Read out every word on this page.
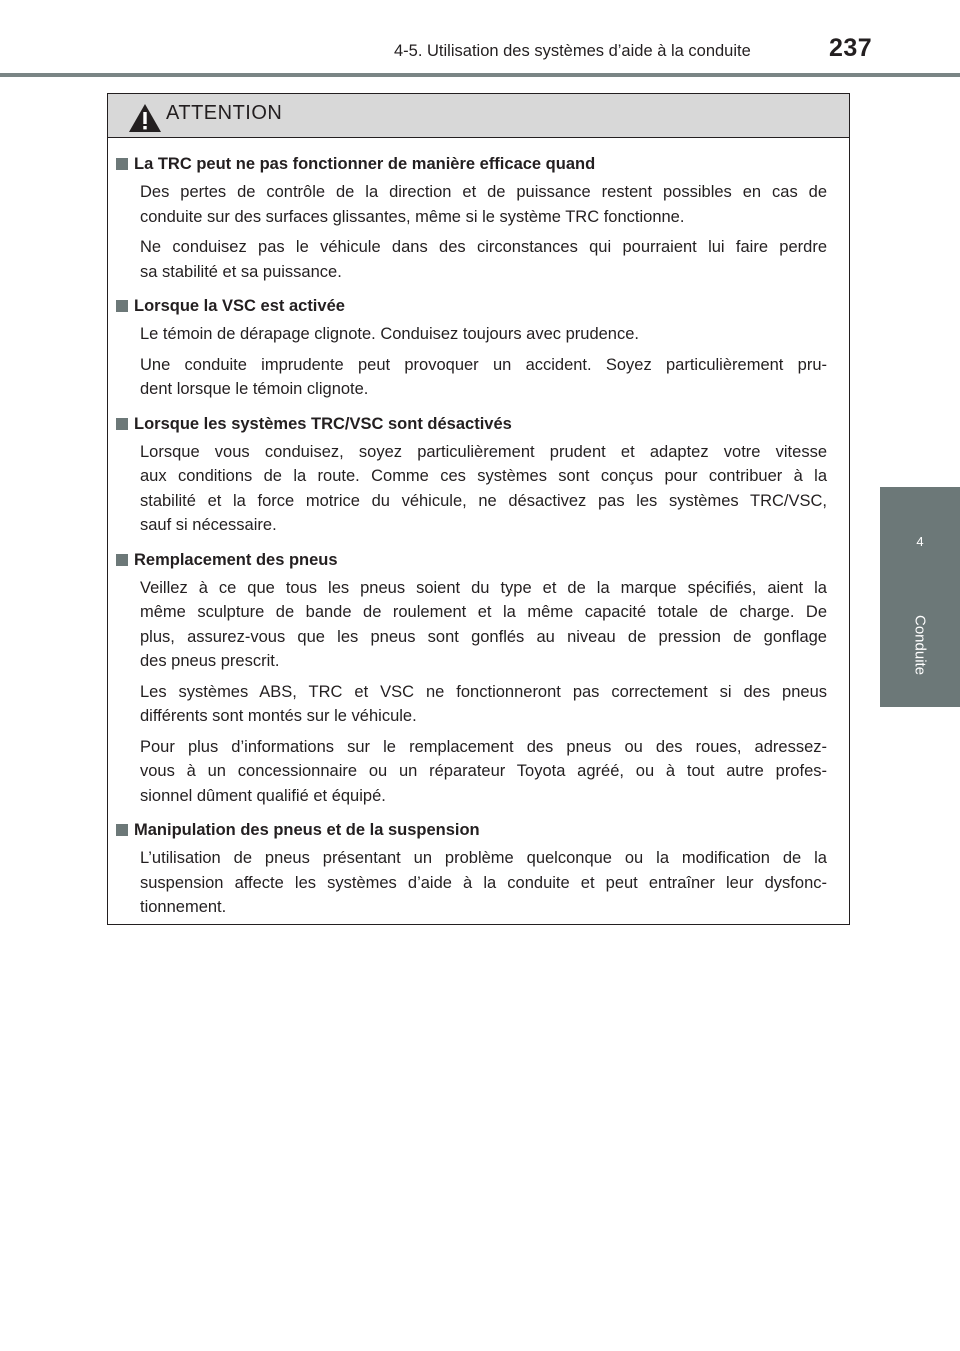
4-5. Utilisation des systèmes d’aide à la conduite	237
4
Conduite
ATTENTION
La TRC peut ne pas fonctionner de manière efficace quand
Des pertes de contrôle de la direction et de puissance restent possibles en cas de
conduite sur des surfaces glissantes, même si le système TRC fonctionne.
Ne conduisez pas le véhicule dans des circonstances qui pourraient lui faire perdre
sa stabilité et sa puissance.
Lorsque la VSC est activée
Le témoin de dérapage clignote. Conduisez toujours avec prudence.
Une conduite imprudente peut provoquer un accident. Soyez particulièrement pru-
dent lorsque le témoin clignote.
Lorsque les systèmes TRC/VSC sont désactivés
Lorsque vous conduisez, soyez particulièrement prudent et adaptez votre vitesse
aux conditions de la route. Comme ces systèmes sont conçus pour contribuer à la
stabilité et la force motrice du véhicule, ne désactivez pas les systèmes TRC/VSC,
sauf si nécessaire.
Remplacement des pneus
Veillez à ce que tous les pneus soient du type et de la marque spécifiés, aient la
même sculpture de bande de roulement et la même capacité totale de charge. De
plus, assurez-vous que les pneus sont gonflés au niveau de pression de gonflage
des pneus prescrit.
Les systèmes ABS, TRC et VSC ne fonctionneront pas correctement si des pneus
différents sont montés sur le véhicule.
Pour plus d’informations sur le remplacement des pneus ou des roues, adressez-
vous à un concessionnaire ou un réparateur Toyota agréé, ou à tout autre profes-
sionnel dûment qualifié et équipé.
Manipulation des pneus et de la suspension
L’utilisation de pneus présentant un problème quelconque ou la modification de la
suspension affecte les systèmes d’aide à la conduite et peut entraîner leur dysfonc-
tionnement.
